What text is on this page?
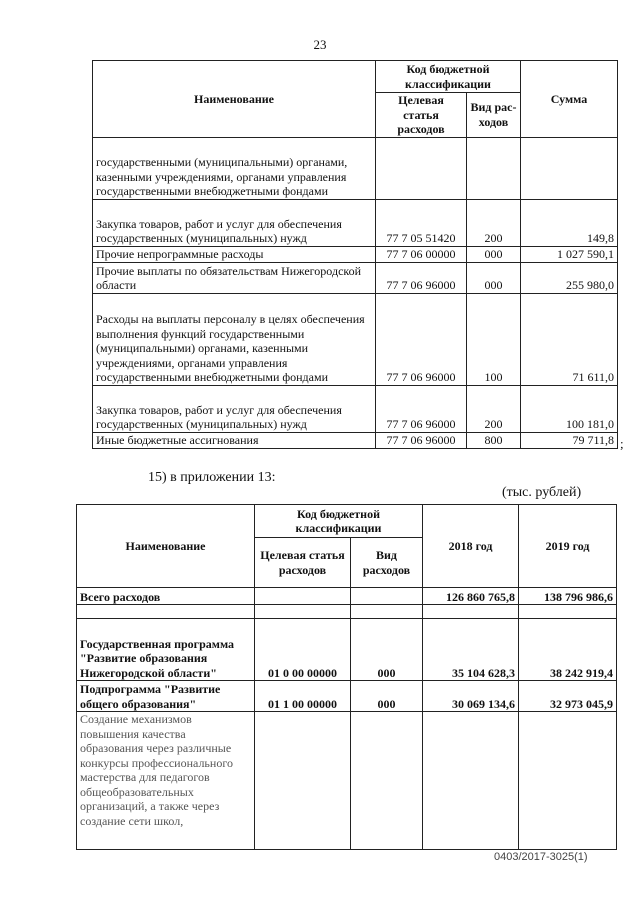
23
Наименование	Код бюджетной классификации		Сумма
	Целевая статья расходов	Вид рас-ходов	
государственными (муниципальными) органами, казенными учреждениями, органами управления государственными внебюджетными фондами			
Закупка товаров, работ и услуг для обеспечения государственных (муниципальных) нужд	77 7 05 51420	200	149,8
Прочие непрограммные расходы	77 7 06 00000	000	1 027 590,1
Прочие выплаты по обязательствам Нижегородской области	77 7 06 96000	000	255 980,0
Расходы на выплаты персоналу в целях обеспечения выполнения функций государственными (муниципальными) органами, казенными учреждениями, органами управления государственными внебюджетными фондами	77 7 06 96000	100	71 611,0
Закупка товаров, работ и услуг для обеспечения государственных (муниципальных) нужд	77 7 06 96000	200	100 181,0
Иные бюджетные ассигнования	77 7 06 96000	800	79 711,8 ;
15) в приложении 13:
(тыс. рублей)
Наименование	Код бюджетной классификации		2018 год	2019 год
	Целевая статья расходов	Вид расходов		
Всего расходов			126 860 765,8	138 796 986,6

Государственная программа "Развитие образования Нижегородской области"	01 0 00 00000	000	35 104 628,3	38 242 919,4
Подпрограмма "Развитие общего образования"	01 1 00 00000	000	30 069 134,6	32 973 045,9
Создание механизмов повышения качества образования через различные конкурсы профессионального мастерства для педагогов общеобразовательных организаций, а также через создание сети школ,				
0403/2017-3025(1)
